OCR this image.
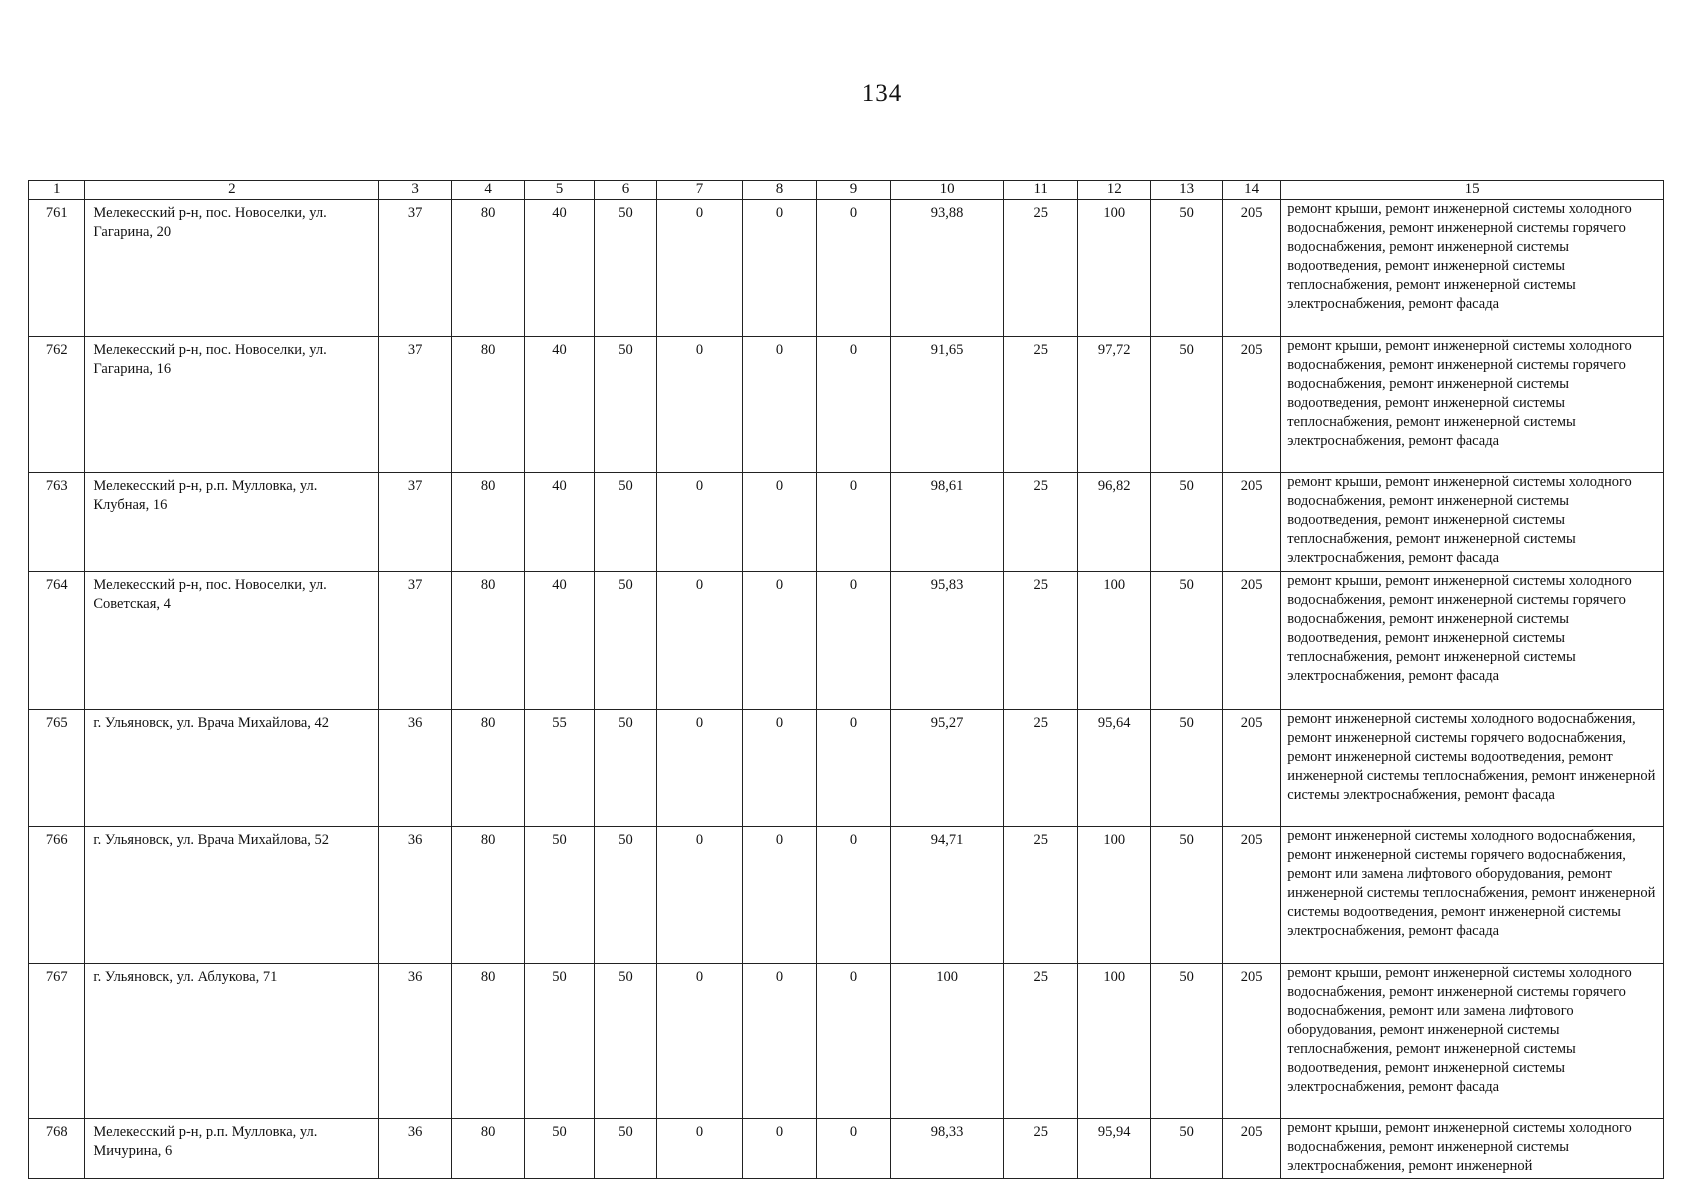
134
1	2	3	4	5	6	7	8	9	10	11	12	13	14	15
761	Мелекесский р-н, пос. Новоселки, ул. Гагарина, 20	37	80	40	50	0	0	0	93,88	25	100	50	205	ремонт крыши, ремонт инженерной системы холодного водоснабжения, ремонт инженерной системы горячего водоснабжения, ремонт инженерной системы водоотведения, ремонт инженерной системы теплоснабжения, ремонт инженерной системы электроснабжения, ремонт фасада
762	Мелекесский р-н, пос. Новоселки, ул. Гагарина, 16	37	80	40	50	0	0	0	91,65	25	97,72	50	205	ремонт крыши, ремонт инженерной системы холодного водоснабжения, ремонт инженерной системы горячего водоснабжения, ремонт инженерной системы водоотведения, ремонт инженерной системы теплоснабжения, ремонт инженерной системы электроснабжения, ремонт фасада
763	Мелекесский р-н, р.п. Мулловка, ул. Клубная, 16	37	80	40	50	0	0	0	98,61	25	96,82	50	205	ремонт крыши, ремонт инженерной системы холодного водоснабжения, ремонт инженерной системы водоотведения, ремонт инженерной системы теплоснабжения, ремонт инженерной системы электроснабжения, ремонт фасада
764	Мелекесский р-н, пос. Новоселки, ул. Советская, 4	37	80	40	50	0	0	0	95,83	25	100	50	205	ремонт крыши, ремонт инженерной системы холодного водоснабжения, ремонт инженерной системы горячего водоснабжения, ремонт инженерной системы водоотведения, ремонт инженерной системы теплоснабжения, ремонт инженерной системы электроснабжения, ремонт фасада
765	г. Ульяновск, ул. Врача Михайлова, 42	36	80	55	50	0	0	0	95,27	25	95,64	50	205	ремонт инженерной системы холодного водоснабжения, ремонт инженерной системы горячего водоснабжения, ремонт инженерной системы водоотведения, ремонт инженерной системы теплоснабжения, ремонт инженерной системы электроснабжения, ремонт фасада
766	г. Ульяновск, ул. Врача Михайлова, 52	36	80	50	50	0	0	0	94,71	25	100	50	205	ремонт инженерной системы холодного водоснабжения, ремонт инженерной системы горячего водоснабжения, ремонт или замена лифтового оборудования, ремонт инженерной системы теплоснабжения, ремонт инженерной системы водоотведения, ремонт инженерной системы электроснабжения, ремонт фасада
767	г. Ульяновск, ул. Аблукова, 71	36	80	50	50	0	0	0	100	25	100	50	205	ремонт крыши, ремонт инженерной системы холодного водоснабжения, ремонт инженерной системы горячего водоснабжения, ремонт или замена лифтового оборудования, ремонт инженерной системы теплоснабжения, ремонт инженерной системы водоотведения, ремонт инженерной системы электроснабжения, ремонт фасада
768	Мелекесский р-н, р.п. Мулловка, ул. Мичурина, 6	36	80	50	50	0	0	0	98,33	25	95,94	50	205	ремонт крыши, ремонт инженерной системы холодного водоснабжения, ремонт инженерной системы электроснабжения, ремонт инженерной
